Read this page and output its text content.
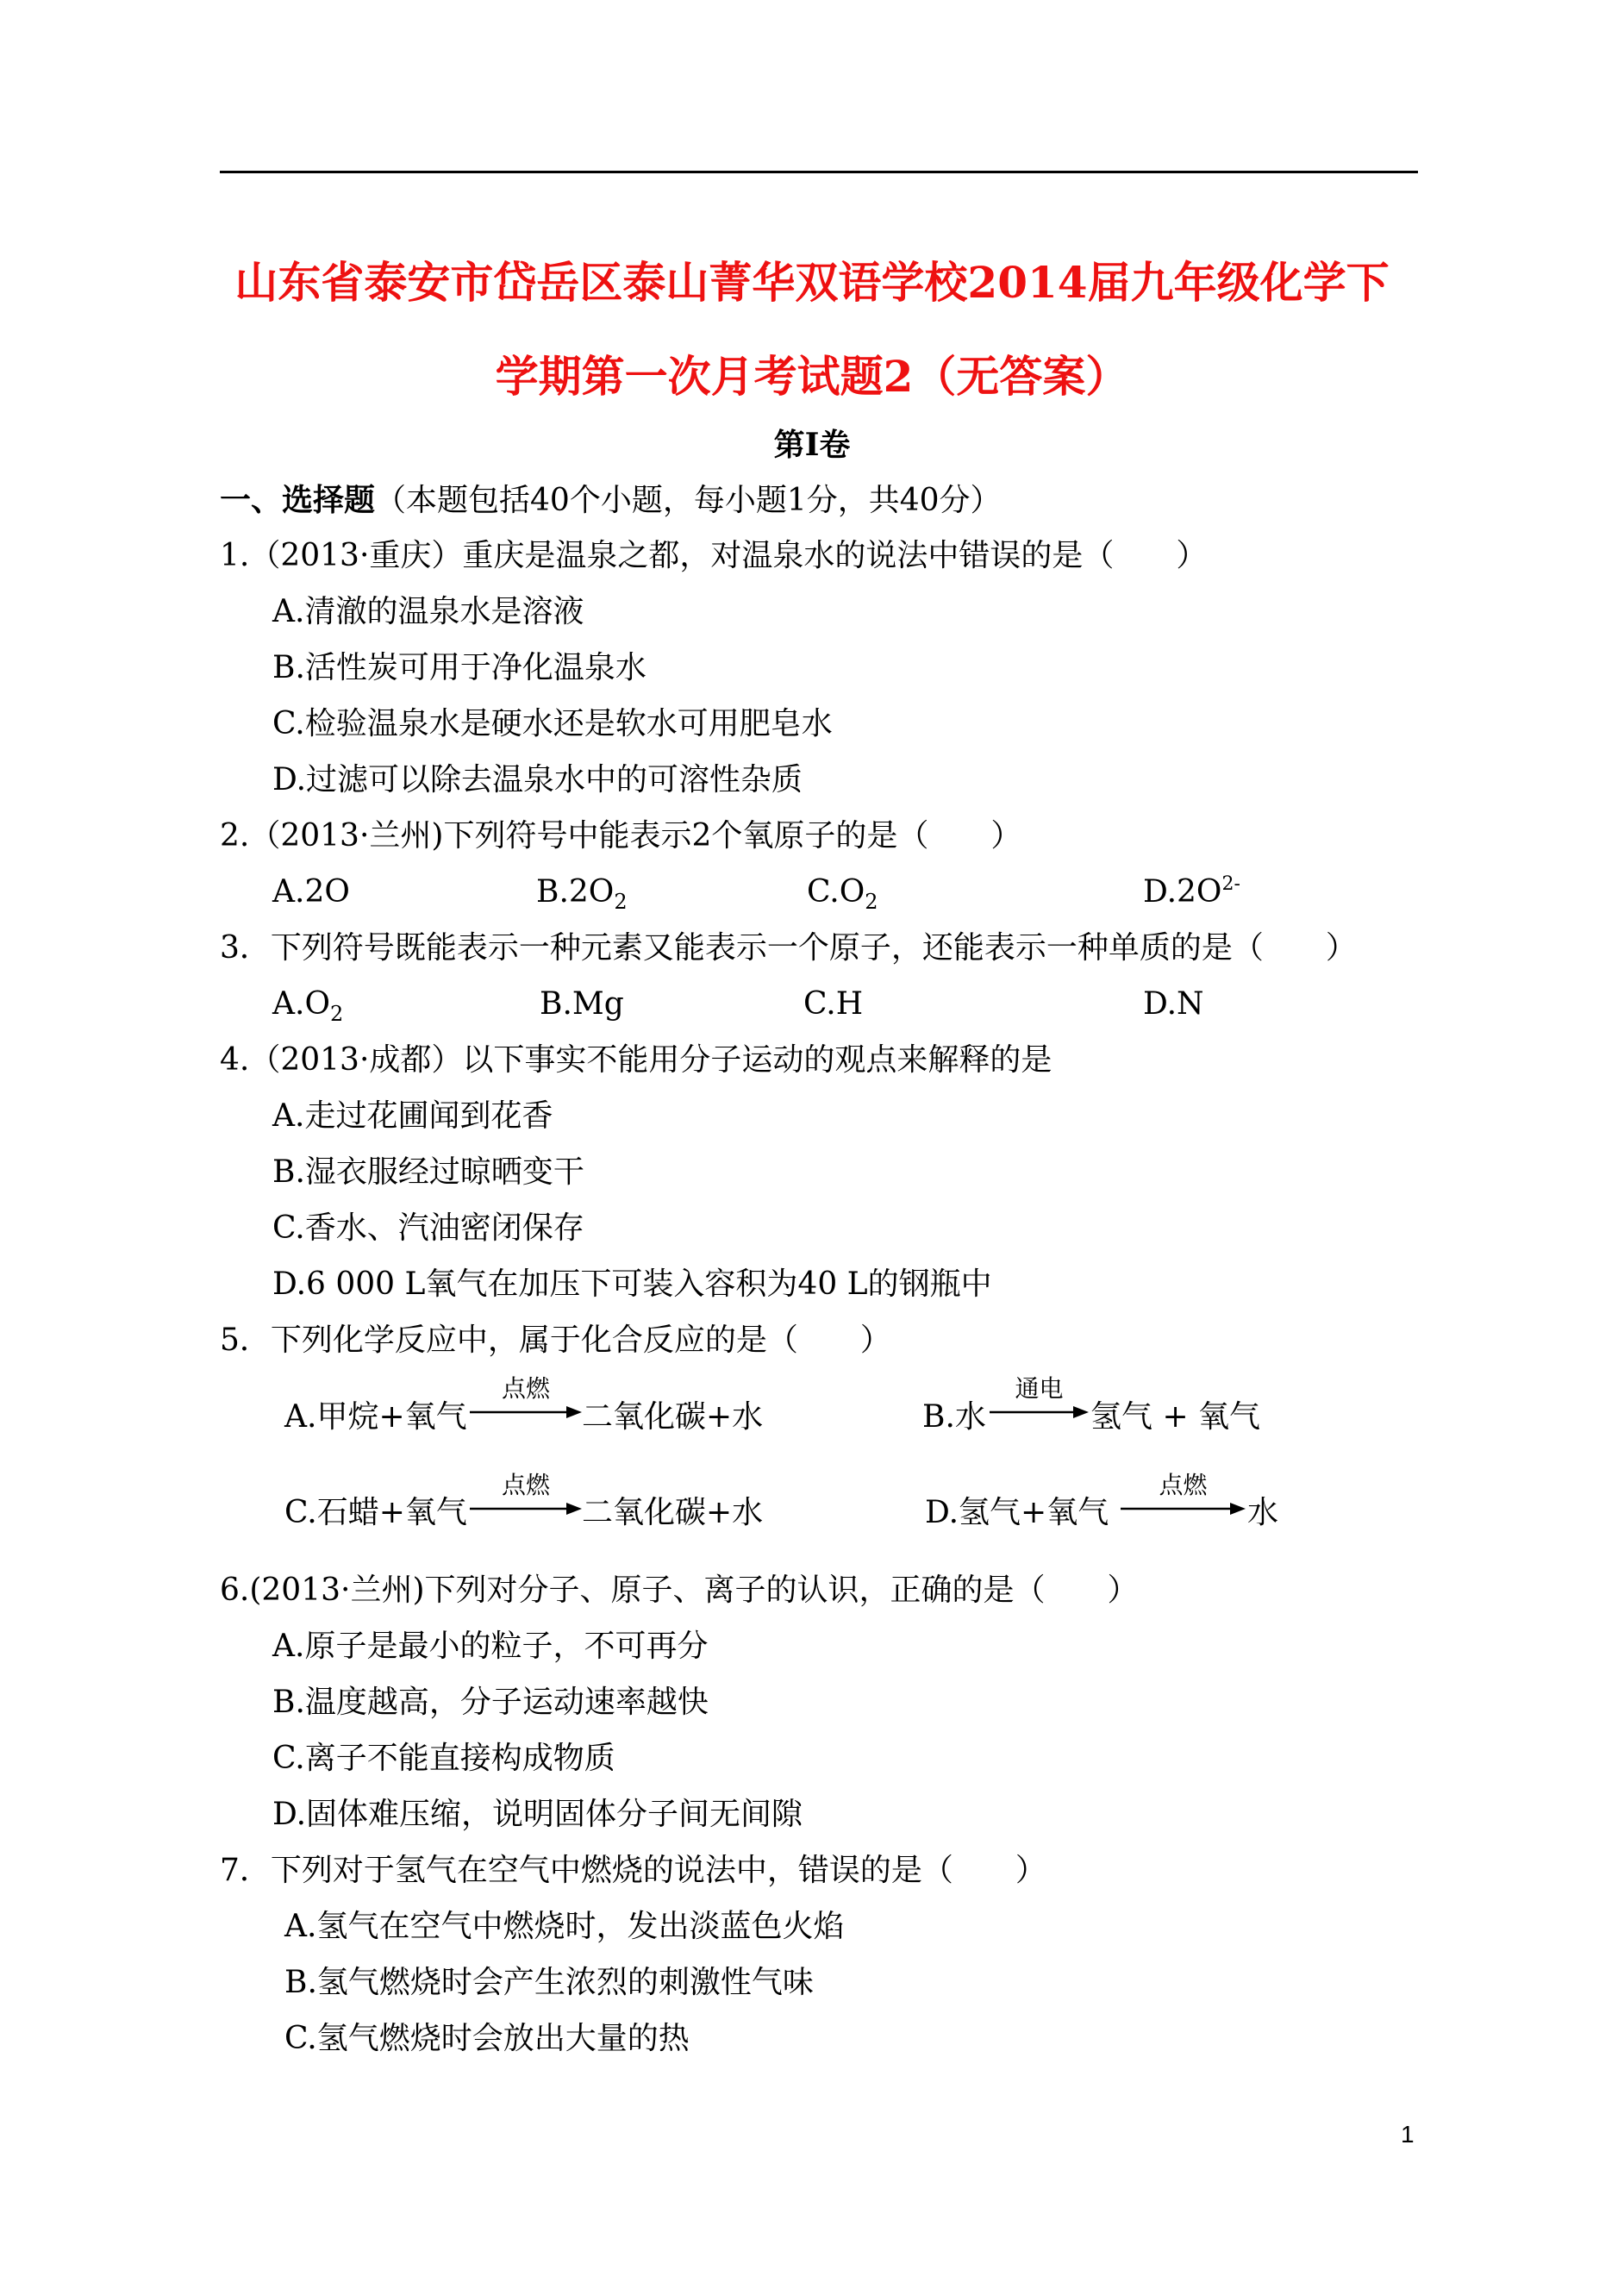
山东省泰安市岱岳区泰山菁华双语学校2014届九年级化学下
学期第一次月考试题2（无答案）
第Ⅰ卷
一、选择题（本题包括40个小题，每小题1分，共40分）
1.（2013·重庆）重庆是温泉之都，对温泉水的说法中错误的是（　　）
A.清澈的温泉水是溶液
B.活性炭可用于净化温泉水
C.检验温泉水是硬水还是软水可用肥皂水
D.过滤可以除去温泉水中的可溶性杂质
2.（2013·兰州)下列符号中能表示2个氧原子的是（　　）
A.2O	$B.2O_2$	$C.O_2$	$D.2O^{2-}$
3．下列符号既能表示一种元素又能表示一个原子，还能表示一种单质的是（　　）
$A.O_2$	B.Mg	C.H	D.N
4.（2013·成都）以下事实不能用分子运动的观点来解释的是
A.走过花圃闻到花香
B.湿衣服经过晾晒变干
C.香水、汽油密闭保存
D.6 000 L氧气在加压下可装入容积为40 L的钢瓶中
5．下列化学反应中，属于化合反应的是（　　）
A.甲烷+氧气
点燃
二氧化碳+水	B.水
通电
氢气 + 氧气
C.石蜡+氧气
点燃
二氧化碳+水	D.氢气+氧气
点燃
水
6.(2013·兰州)下列对分子、原子、离子的认识，正确的是（　　）
A.原子是最小的粒子，不可再分
B.温度越高，分子运动速率越快
C.离子不能直接构成物质
D.固体难压缩，说明固体分子间无间隙
7．下列对于氢气在空气中燃烧的说法中，错误的是（　　）
A.氢气在空气中燃烧时，发出淡蓝色火焰
B.氢气燃烧时会产生浓烈的刺激性气味
C.氢气燃烧时会放出大量的热
1
